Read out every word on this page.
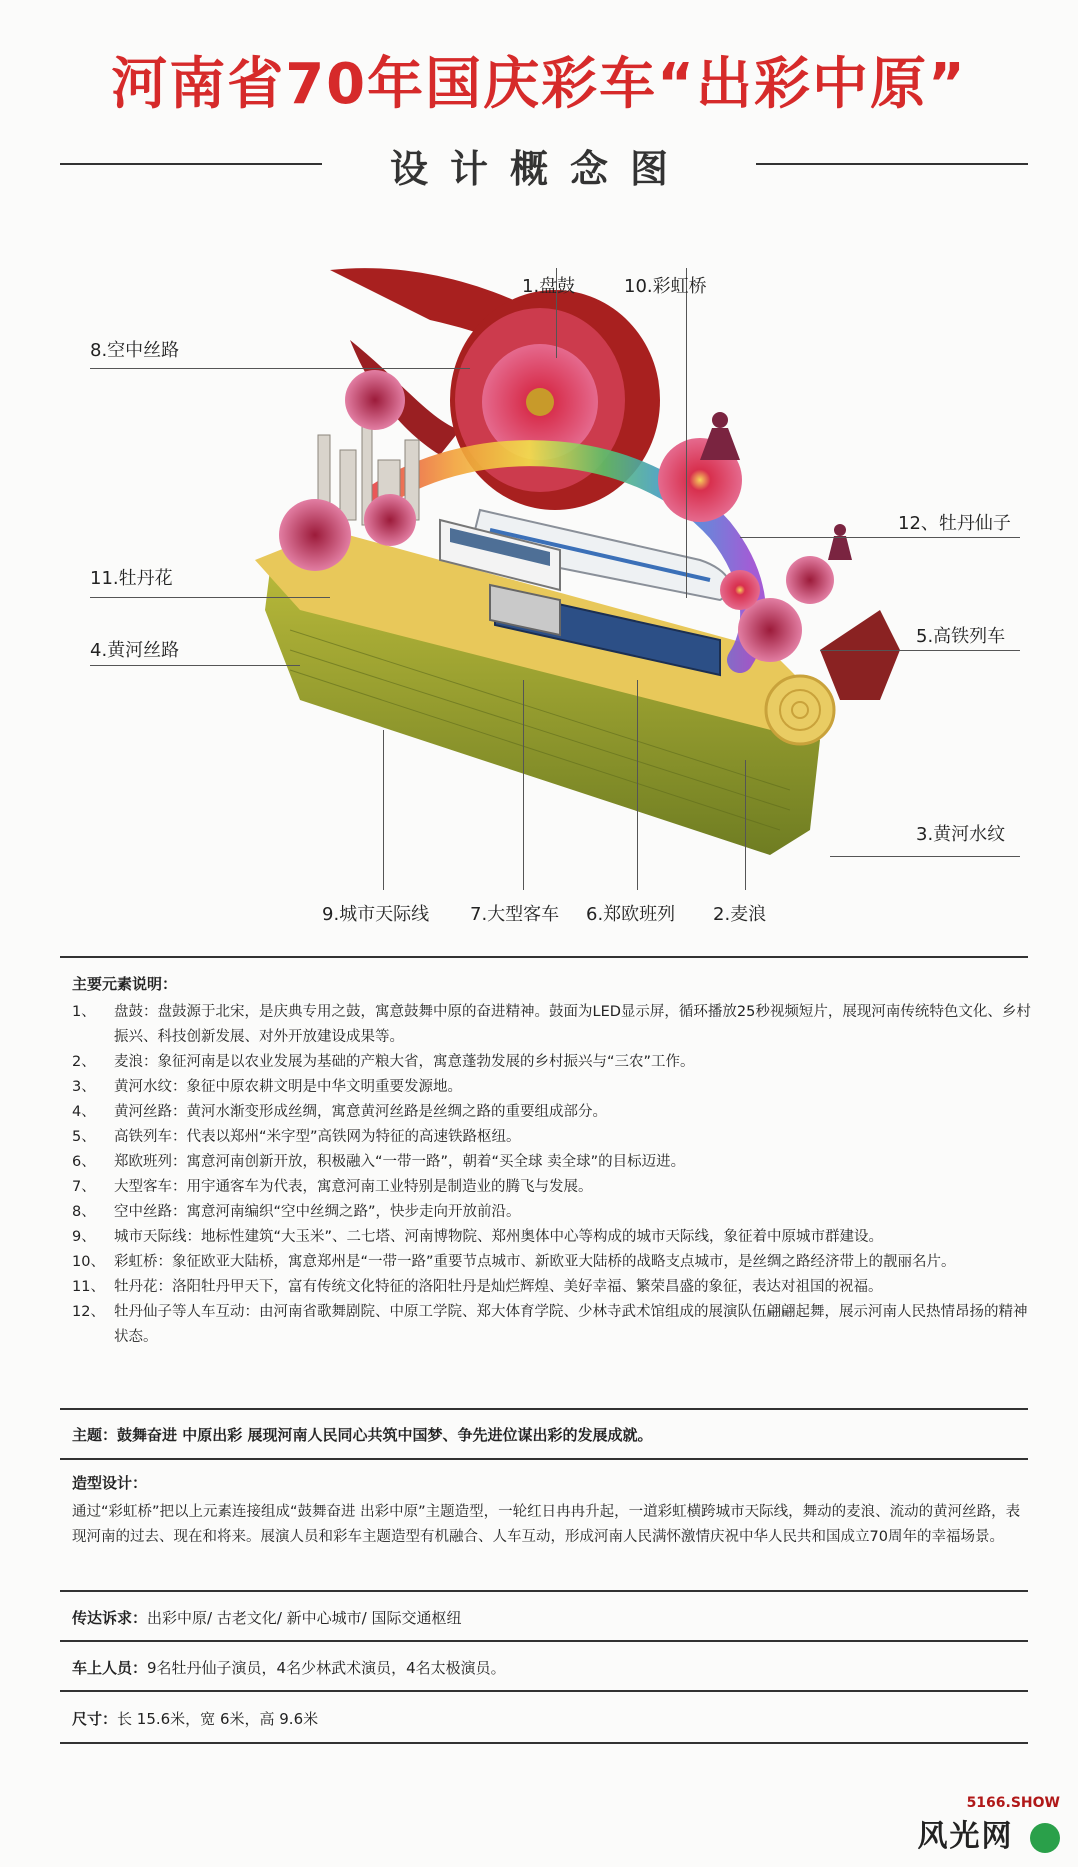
河南省70年国庆彩车“出彩中原”
设计概念图
1.盘鼓	10.彩虹桥
8.空中丝路
12、牡丹仙子
11.牡丹花
5.高铁列车
4.黄河丝路
3.黄河水纹
9.城市天际线 7.大型客车 6.郑欧班列 2.麦浪
主要元素说明：
1、 盘鼓：盘鼓源于北宋，是庆典专用之鼓，寓意鼓舞中原的奋进精神。鼓面为LED显示屏，循环播放25秒视频短片，展现河南传统特色文化、乡村振兴、科技创新发展、对外开放建设成果等。
2、 麦浪：象征河南是以农业发展为基础的产粮大省，寓意蓬勃发展的乡村振兴与“三农”工作。
3、 黄河水纹：象征中原农耕文明是中华文明重要发源地。
4、 黄河丝路：黄河水渐变形成丝绸，寓意黄河丝路是丝绸之路的重要组成部分。
5、 高铁列车：代表以郑州“米字型”高铁网为特征的高速铁路枢纽。
6、 郑欧班列：寓意河南创新开放，积极融入“一带一路”，朝着“买全球 卖全球”的目标迈进。
7、 大型客车：用宇通客车为代表，寓意河南工业特别是制造业的腾飞与发展。
8、 空中丝路：寓意河南编织“空中丝绸之路”，快步走向开放前沿。
9、 城市天际线：地标性建筑“大玉米”、二七塔、河南博物院、郑州奥体中心等构成的城市天际线，象征着中原城市群建设。
10、 彩虹桥：象征欧亚大陆桥，寓意郑州是“一带一路”重要节点城市、新欧亚大陆桥的战略支点城市，是丝绸之路经济带上的靓丽名片。
11、 牡丹花：洛阳牡丹甲天下，富有传统文化特征的洛阳牡丹是灿烂辉煌、美好幸福、繁荣昌盛的象征，表达对祖国的祝福。
12、 牡丹仙子等人车互动：由河南省歌舞剧院、中原工学院、郑大体育学院、少林寺武术馆组成的展演队伍翩翩起舞，展示河南人民热情昂扬的精神状态。
主题：鼓舞奋进 中原出彩 展现河南人民同心共筑中国梦、争先进位谋出彩的发展成就。
造型设计：
通过“彩虹桥”把以上元素连接组成“鼓舞奋进 出彩中原”主题造型，一轮红日冉冉升起，一道彩虹横跨城市天际线，舞动的麦浪、流动的黄河丝路，表现河南的过去、现在和将来。展演人员和彩车主题造型有机融合、人车互动，形成河南人民满怀激情庆祝中华人民共和国成立70周年的幸福场景。
传达诉求：出彩中原/ 古老文化/ 新中心城市/ 国际交通枢纽
车上人员：9名牡丹仙子演员，4名少林武术演员，4名太极演员。
尺寸：长 15.6米，宽 6米，高 9.6米
5166.SHOW
风光网
